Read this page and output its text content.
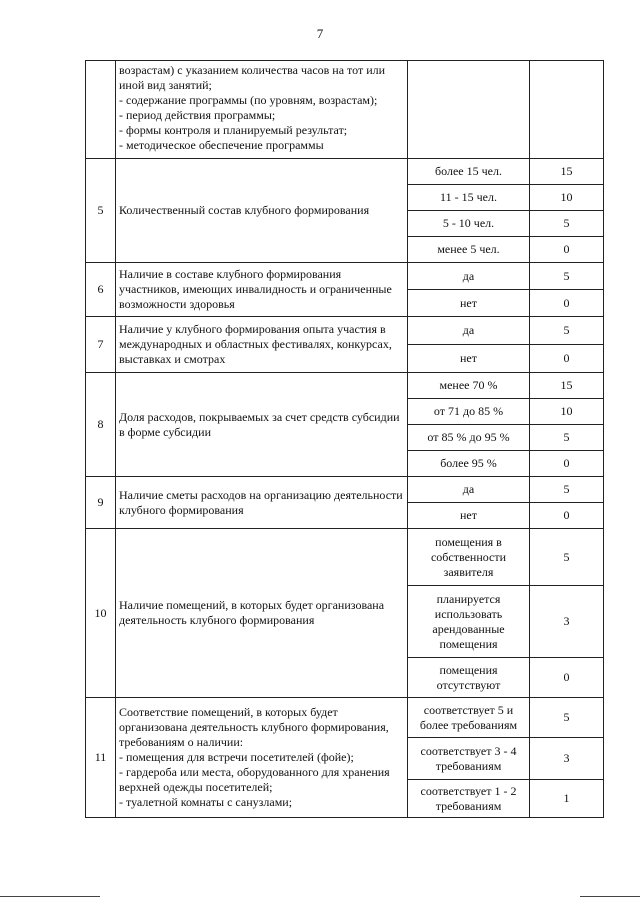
7
	возрастам) с указанием количества часов на тот или иной вид занятий;
- содержание программы (по уровням, возрастам);
- период действия программы;
- формы контроля и планируемый результат;
- методическое обеспечение программы		
5	Количественный состав клубного формирования	более 15 чел.	15
		11 - 15 чел.	10
		5 - 10 чел.	5
		менее 5 чел.	0
6	Наличие в составе клубного формирования участников, имеющих инвалидность и ограниченные возможности здоровья	да	5
		нет	0
7	Наличие у клубного формирования опыта участия в международных и областных фестивалях, конкурсах, выставках и смотрах	да	5
		нет	0
8	Доля расходов, покрываемых за счет средств субсидии в форме субсидии	менее 70 %	15
		от 71 до 85 %	10
		от 85 % до 95 %	5
		более 95 %	0
9	Наличие сметы расходов на организацию деятельности клубного формирования	да	5
		нет	0
10	Наличие помещений, в которых будет организована деятельность клубного формирования	помещения в собственности заявителя	5
		планируется использовать арендованные помещения	3
		помещения отсутствуют	0
11	Соответствие помещений, в которых будет организована деятельность клубного формирования, требованиям о наличии:
- помещения для встречи посетителей (фойе);
- гардероба или места, оборудованного для хранения верхней одежды посетителей;
- туалетной комнаты с санузлами;	соответствует 5 и более требованиям	5
		соответствует 3 - 4 требованиям	3
		соответствует 1 - 2 требованиям	1
